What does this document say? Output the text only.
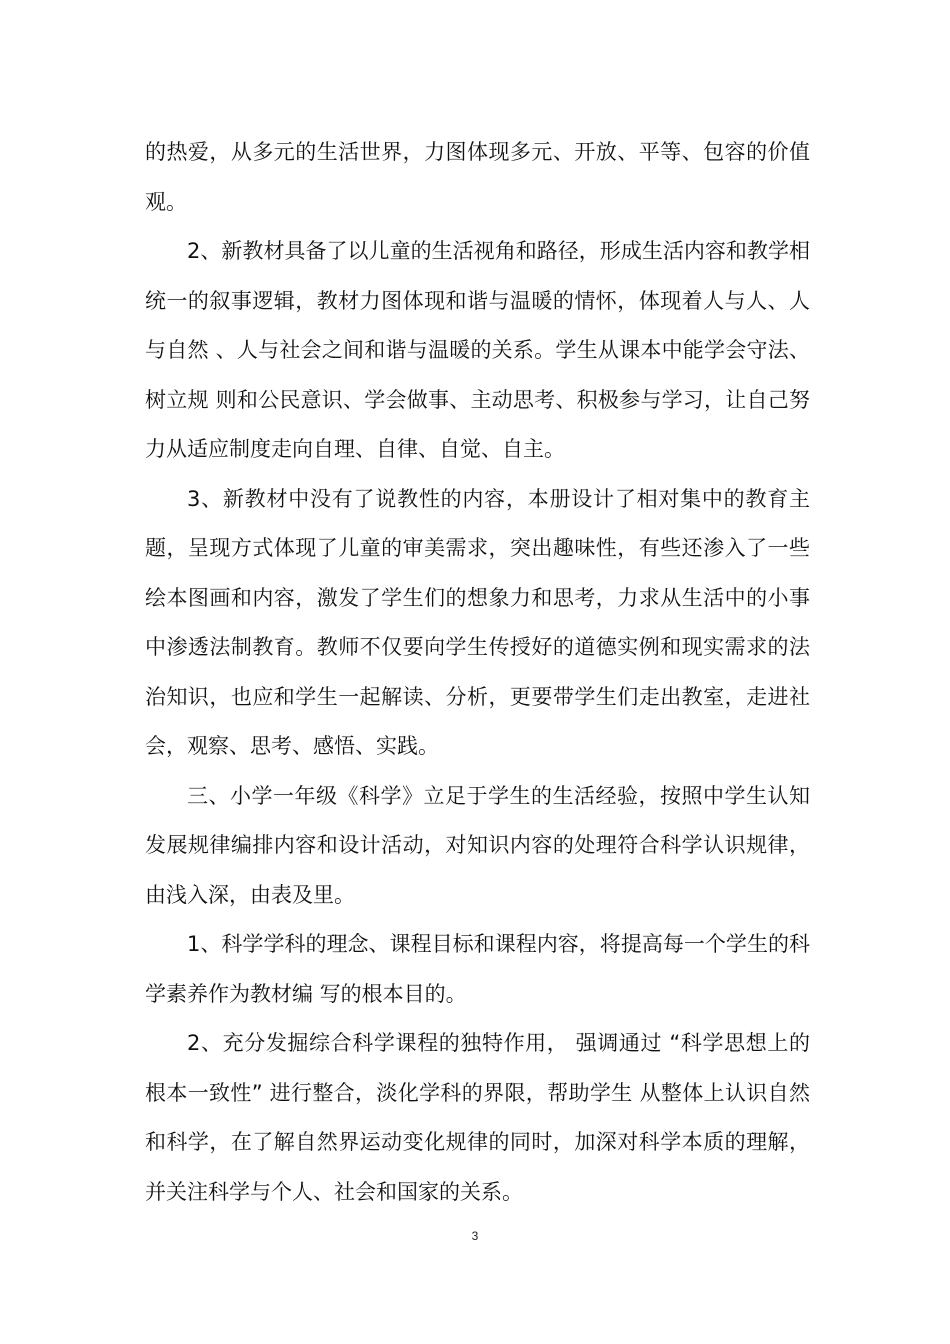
的热爱，从多元的生活世界，力图体现多元、开放、平等、包容的价值观。

2、新教材具备了以儿童的生活视角和路径，形成生活内容和教学相统一的叙事逻辑，教材力图体现和谐与温暖的情怀，体现着人与人、人与自然 、人与社会之间和谐与温暖的关系。学生从课本中能学会守法、树立规 则和公民意识、学会做事、主动思考、积极参与学习，让自己努力从适应制度走向自理、自律、自觉、自主。

3、新教材中没有了说教性的内容，本册设计了相对集中的教育主题，呈现方式体现了儿童的审美需求，突出趣味性，有些还渗入了一些绘本图画和内容，激发了学生们的想象力和思考，力求从生活中的小事中渗透法制教育。教师不仅要向学生传授好的道德实例和现实需求的法治知识，也应和学生一起解读、分析，更要带学生们走出教室，走进社会，观察、思考、感悟、实践。

三、小学一年级《科学》立足于学生的生活经验，按照中学生认知发展规律编排内容和设计活动，对知识内容的处理符合科学认识规律，由浅入深，由表及里。

1、科学学科的理念、课程目标和课程内容，将提高每一个学生的科学素养作为教材编 写的根本目的。

2、充分发掘综合科学课程的独特作用， 强调通过 “科学思想上的根本一致性” 进行整合，淡化学科的界限，帮助学生 从整体上认识自然和科学，在了解自然界运动变化规律的同时，加深对科学本质的理解，并关注科学与个人、社会和国家的关系。

3
